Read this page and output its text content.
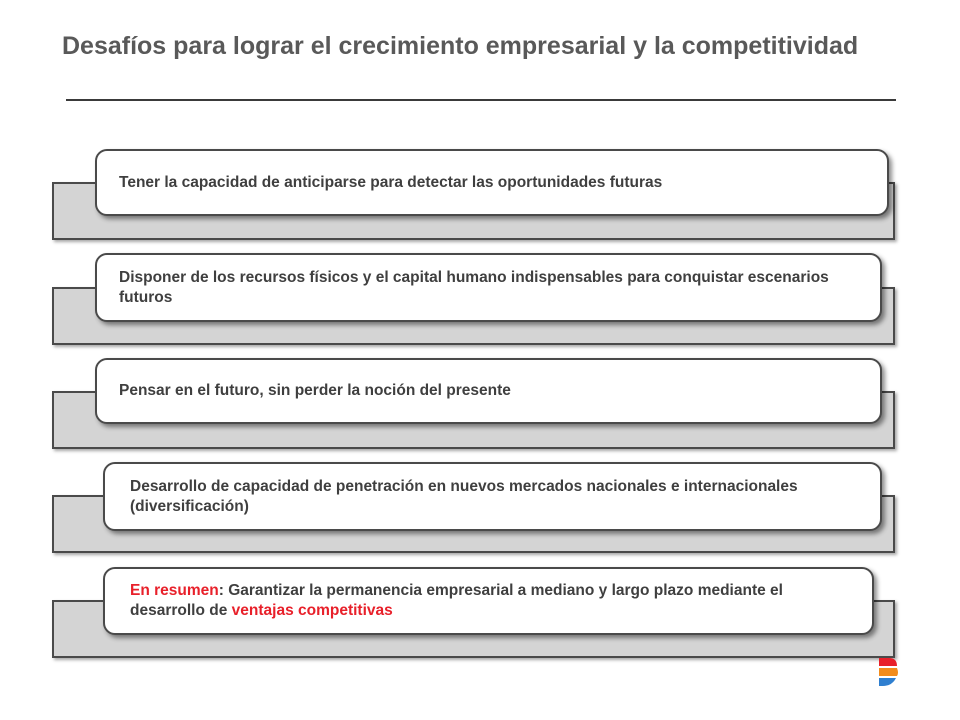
Desafíos para lograr el crecimiento empresarial y la competitividad

Tener la capacidad de anticiparse para detectar las oportunidades futuras

Disponer de los recursos físicos y el capital humano indispensables para conquistar escenarios futuros

Pensar en el futuro, sin perder la noción del presente

Desarrollo de capacidad de penetración en nuevos mercados nacionales e internacionales (diversificación)

En resumen: Garantizar la permanencia empresarial a mediano y largo plazo mediante el desarrollo de ventajas competitivas
